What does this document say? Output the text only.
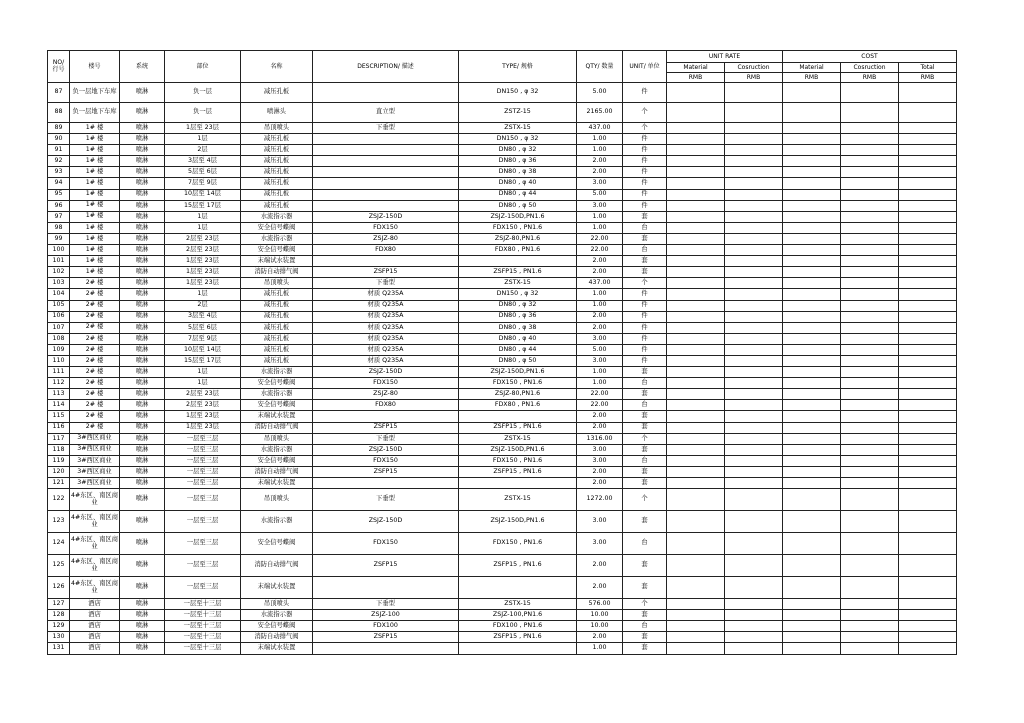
NO/
行号	楼号	系统	部位	名称	DESCRIPTION/ 描述	TYPE/ 规格	QTY/ 数量	UNIT/ 单位	UNIT RATE		COST		
									Material	Cosruction	Material	Cosruction	Total
									RMB	RMB	RMB	RMB	RMB
87	负一层地下车库	喷淋	负一层	减压孔板		DN150 , φ 32	5.00	件					
88	负一层地下车库	喷淋	负一层	喷淋头	直立型	ZSTZ-15	2165.00	个					
89	1# 楼	喷淋	1层至 23层	吊顶喷头	下垂型	ZSTX-15	437.00	个					
90	1# 楼	喷淋	1层	减压孔板		DN150 , φ 32	1.00	件					
91	1# 楼	喷淋	2层	减压孔板		DN80 , φ 32	1.00	件					
92	1# 楼	喷淋	3层至 4层	减压孔板		DN80 , φ 36	2.00	件					
93	1# 楼	喷淋	5层至 6层	减压孔板		DN80 , φ 38	2.00	件					
94	1# 楼	喷淋	7层至 9层	减压孔板		DN80 , φ 40	3.00	件					
95	1# 楼	喷淋	10层至 14层	减压孔板		DN80 , φ 44	5.00	件					
96	1# 楼	喷淋	15层至 17层	减压孔板		DN80 , φ 50	3.00	件					
97	1# 楼	喷淋	1层	水流指示器	ZSJZ-150D	ZSJZ-150D,PN1.6	1.00	套					
98	1# 楼	喷淋	1层	安全信号蝶阀	FDX150	FDX150 , PN1.6	1.00	台					
99	1# 楼	喷淋	2层至 23层	水流指示器	ZSJZ-80	ZSJZ-80,PN1.6	22.00	套					
100	1# 楼	喷淋	2层至 23层	安全信号蝶阀	FDX80	FDX80 , PN1.6	22.00	台					
101	1# 楼	喷淋	1层至 23层	末端试水装置			2.00	套					
102	1# 楼	喷淋	1层至 23层	消防自动排气阀	ZSFP15	ZSFP15 , PN1.6	2.00	套					
103	2# 楼	喷淋	1层至 23层	吊顶喷头	下垂型	ZSTX-15	437.00	个					
104	2# 楼	喷淋	1层	减压孔板	材质 Q235A	DN150 , φ 32	1.00	件					
105	2# 楼	喷淋	2层	减压孔板	材质 Q235A	DN80 , φ 32	1.00	件					
106	2# 楼	喷淋	3层至 4层	减压孔板	材质 Q235A	DN80 , φ 36	2.00	件					
107	2# 楼	喷淋	5层至 6层	减压孔板	材质 Q235A	DN80 , φ 38	2.00	件					
108	2# 楼	喷淋	7层至 9层	减压孔板	材质 Q235A	DN80 , φ 40	3.00	件					
109	2# 楼	喷淋	10层至 14层	减压孔板	材质 Q235A	DN80 , φ 44	5.00	件					
110	2# 楼	喷淋	15层至 17层	减压孔板	材质 Q235A	DN80 , φ 50	3.00	件					
111	2# 楼	喷淋	1层	水流指示器	ZSJZ-150D	ZSJZ-150D,PN1.6	1.00	套					
112	2# 楼	喷淋	1层	安全信号蝶阀	FDX150	FDX150 , PN1.6	1.00	台					
113	2# 楼	喷淋	2层至 23层	水流指示器	ZSJZ-80	ZSJZ-80,PN1.6	22.00	套					
114	2# 楼	喷淋	2层至 23层	安全信号蝶阀	FDX80	FDX80 , PN1.6	22.00	台					
115	2# 楼	喷淋	1层至 23层	末端试水装置			2.00	套					
116	2# 楼	喷淋	1层至 23层	消防自动排气阀	ZSFP15	ZSFP15 , PN1.6	2.00	套					
117	3#西区商业	喷淋	一层至三层	吊顶喷头	下垂型	ZSTX-15	1316.00	个					
118	3#西区商业	喷淋	一层至三层	水流指示器	ZSJZ-150D	ZSJZ-150D,PN1.6	3.00	套					
119	3#西区商业	喷淋	一层至三层	安全信号蝶阀	FDX150	FDX150 , PN1.6	3.00	台					
120	3#西区商业	喷淋	一层至三层	消防自动排气阀	ZSFP15	ZSFP15 , PN1.6	2.00	套					
121	3#西区商业	喷淋	一层至三层	末端试水装置			2.00	套					
122	4#东区、南区商业	喷淋	一层至三层	吊顶喷头	下垂型	ZSTX-15	1272.00	个					
123	4#东区、南区商业	喷淋	一层至三层	水流指示器	ZSJZ-150D	ZSJZ-150D,PN1.6	3.00	套					
124	4#东区、南区商业	喷淋	一层至三层	安全信号蝶阀	FDX150	FDX150 , PN1.6	3.00	台					
125	4#东区、南区商业	喷淋	一层至三层	消防自动排气阀	ZSFP15	ZSFP15 , PN1.6	2.00	套					
126	4#东区、南区商业	喷淋	一层至三层	末端试水装置			2.00	套					
127	酒店	喷淋	一层至十三层	吊顶喷头	下垂型	ZSTX-15	576.00	个					
128	酒店	喷淋	一层至十三层	水流指示器	ZSJZ-100	ZSJZ-100,PN1.6	10.00	套					
129	酒店	喷淋	一层至十三层	安全信号蝶阀	FDX100	FDX100 , PN1.6	10.00	台					
130	酒店	喷淋	一层至十三层	消防自动排气阀	ZSFP15	ZSFP15 , PN1.6	2.00	套					
131	酒店	喷淋	一层至十三层	末端试水装置			1.00	套					
